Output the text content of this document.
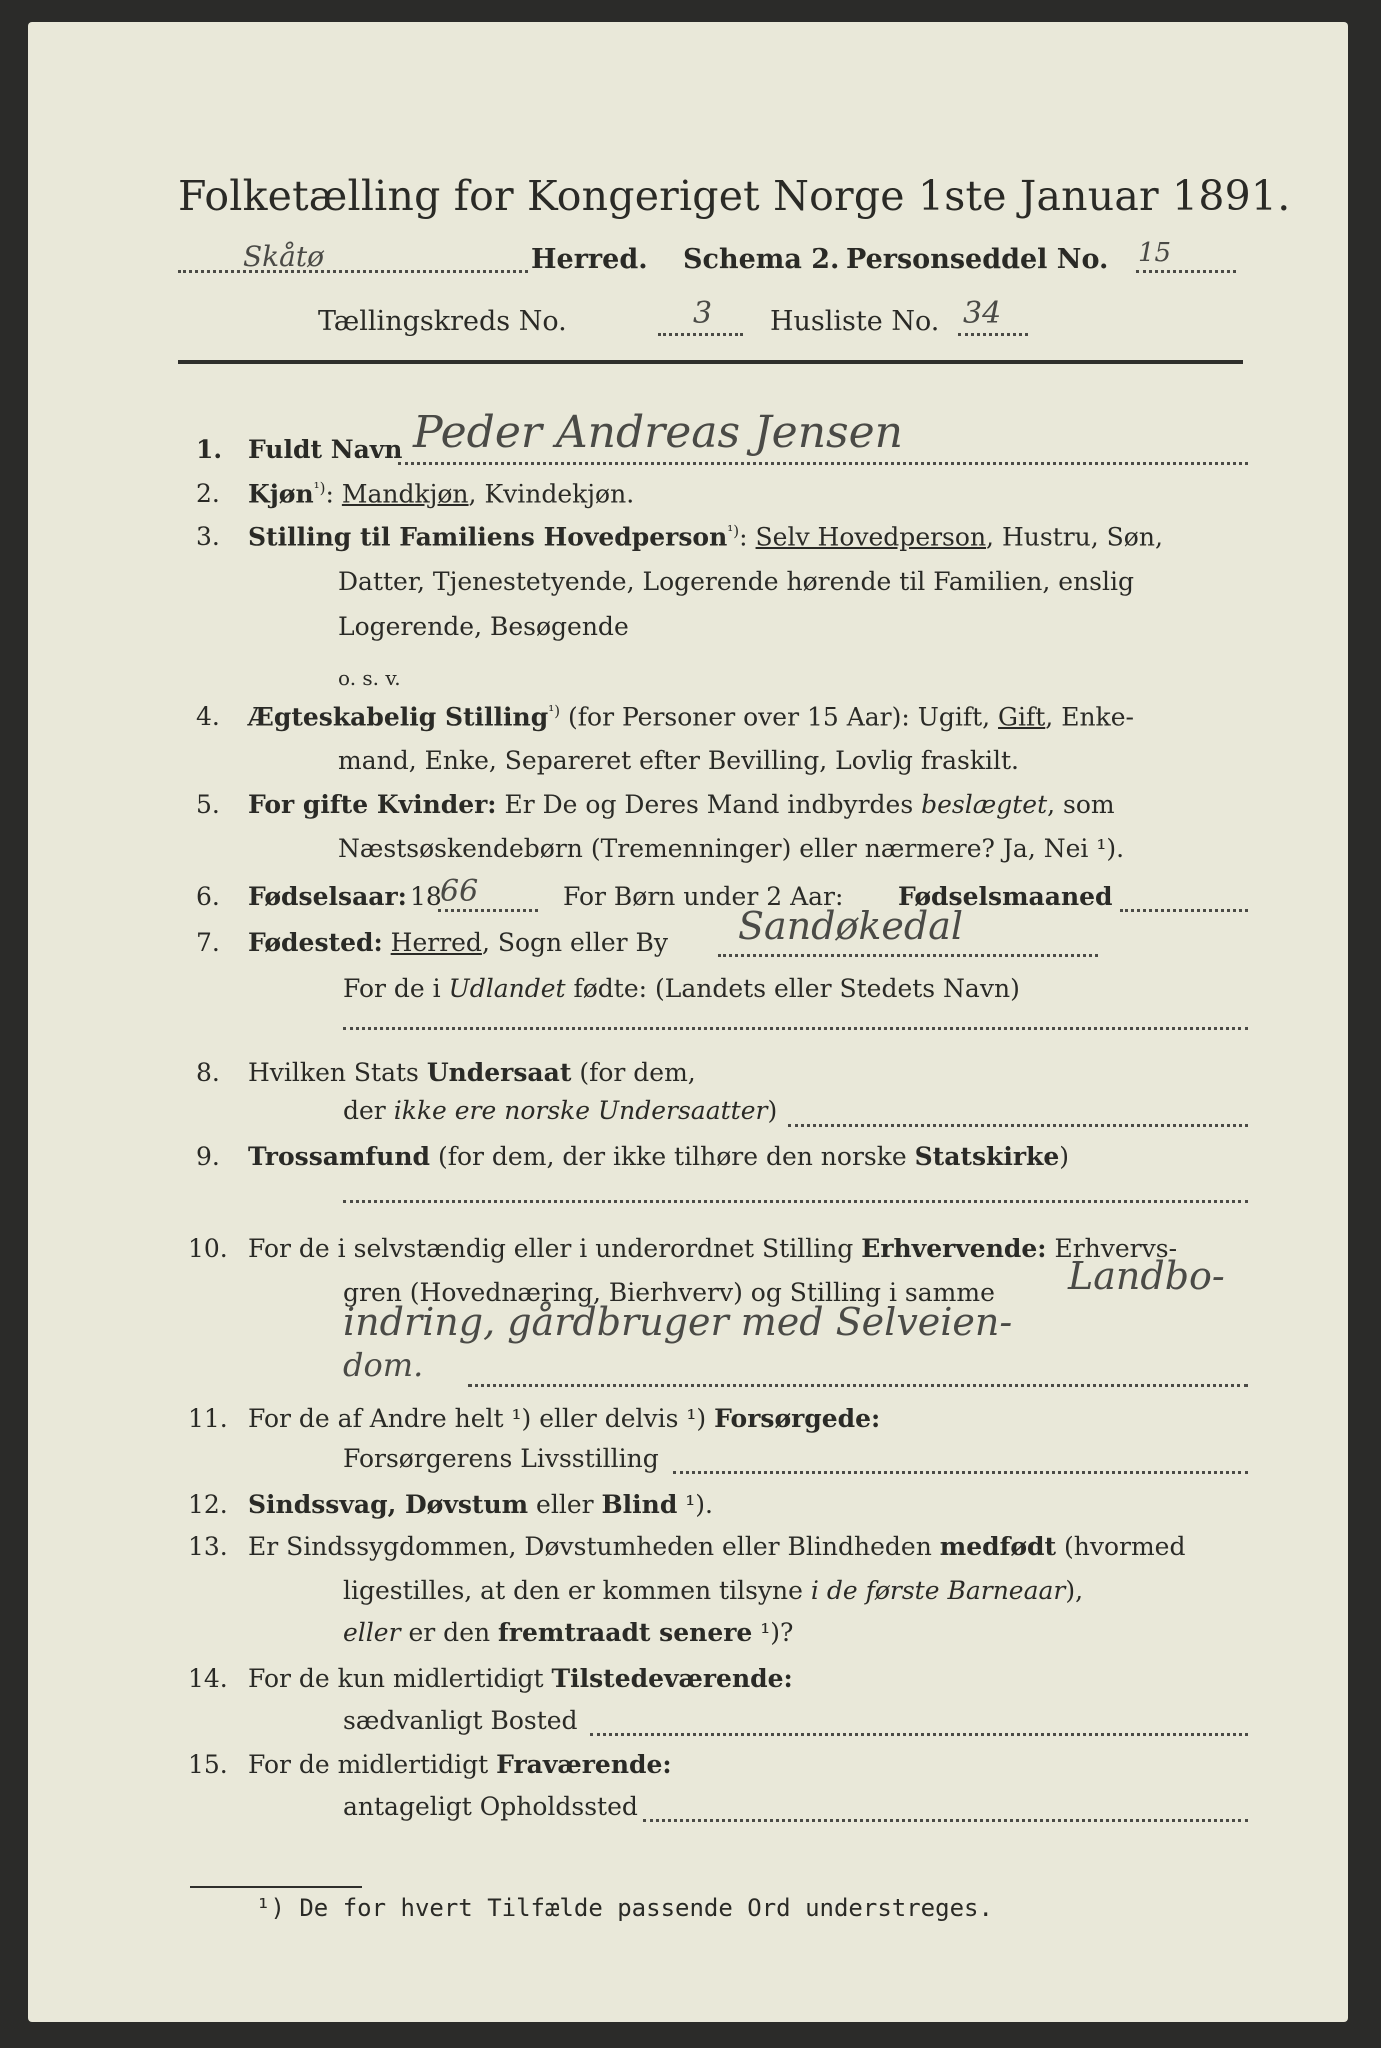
Folketælling for Kongeriget Norge 1ste Januar 1891.
Skåtø	Herred. Schema 2. Personseddel No. 15
Tællingskreds No.	3 Husliste No. 34
1. Fuldt Navn Peder Andreas Jensen
2. Kjøn$^{^1)}$: Mandkjøn, Kvindekjøn.
3. Stilling til Familiens Hovedperson$^{^1)}$: Selv Hovedperson, Hustru, Søn,
Datter, Tjenestetyende, Logerende hørende til Familien, enslig
Logerende, Besøgende
o. s. v.
4. Ægteskabelig Stilling$^{^1)}$ (for Personer over 15 Aar): Ugift, Gift, Enke-
mand, Enke, Separeret efter Bevilling, Lovlig fraskilt.
5. For gifte Kvinder: Er De og Deres Mand indbyrdes beslægtet, som
Næstsøskendebørn (Tremenninger) eller nærmere? Ja, Nei ¹).
6. Fødselsaar: 18
66	For Børn under 2 Aar: Fødselsmaaned
7. Fødested: Herred, Sogn eller By Sandøkedal
For de i Udlandet fødte: (Landets eller Stedets Navn)
8. Hvilken Stats Undersaat (for dem,
der ikke ere norske Undersaatter)
9. Trossamfund (for dem, der ikke tilhøre den norske Statskirke)
10. For de i selvstændig eller i underordnet Stilling Erhvervende: Erhvervs-
gren (Hovednæring, Bierhverv) og Stilling i samme Landbo-
indring, gårdbruger med Selveien-
dom.
11. For de af Andre helt ¹) eller delvis ¹) Forsørgede:
Forsørgerens Livsstilling
12. Sindssvag, Døvstum eller Blind ¹).
13. Er Sindssygdommen, Døvstumheden eller Blindheden medfødt (hvormed
ligestilles, at den er kommen tilsyne i de første Barneaar),
eller er den fremtraadt senere ¹)?
14. For de kun midlertidigt Tilstedeværende:
sædvanligt Bosted
15. For de midlertidigt Fraværende:
antageligt Opholdssted
¹) De for hvert Tilfælde passende Ord understreges.
